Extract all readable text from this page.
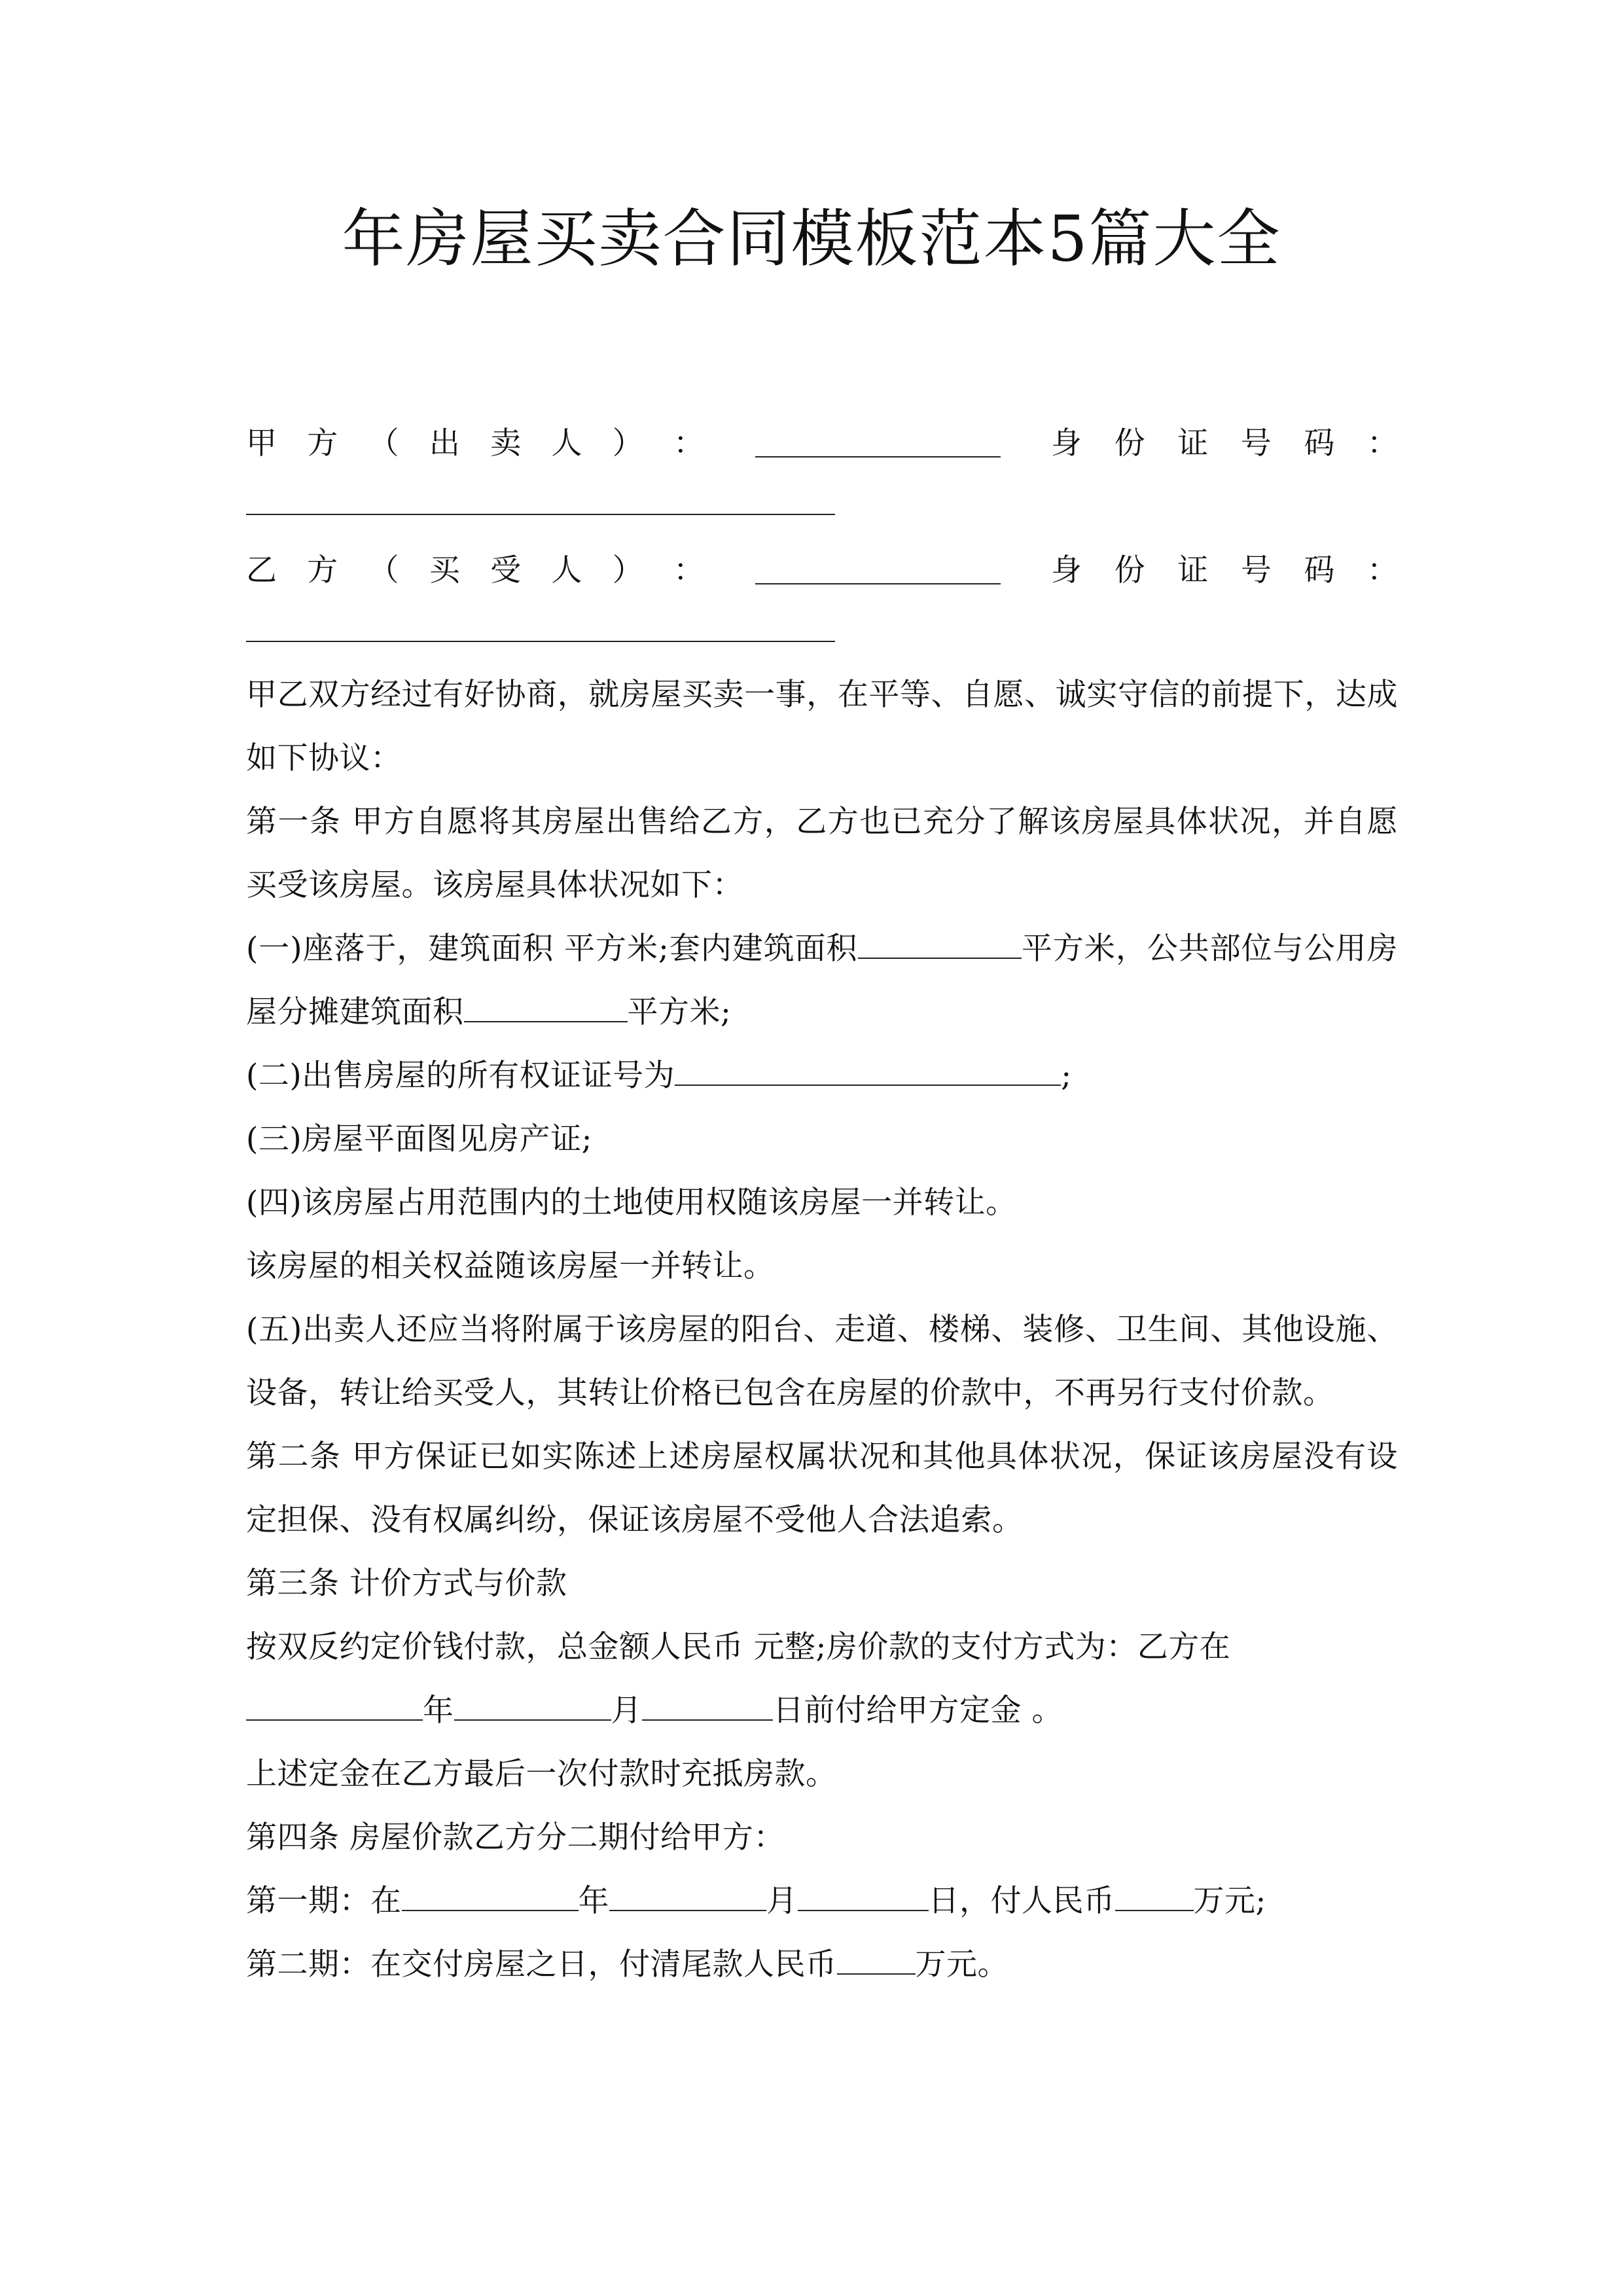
年房屋买卖合同模板范本5篇大全
甲 方 （ 出 卖 人 ） ：	身 份 证 号 码 ：
乙 方 （ 买 受 人 ） ：	身 份 证 号 码 ：

甲乙双方经过有好协商，就房屋买卖一事，在平等、自愿、诚实守信的前提下，达成如下协议：

第一条 甲方自愿将其房屋出售给乙方，乙方也已充分了解该房屋具体状况，并自愿买受该房屋。该房屋具体状况如下：

(一)座落于，建筑面积 平方米;套内建筑面积	平方米，公共部位与公用房屋分摊建筑面积	平方米;

(二)出售房屋的所有权证证号为	;

(三)房屋平面图见房产证;

(四)该房屋占用范围内的土地使用权随该房屋一并转让。

该房屋的相关权益随该房屋一并转让。

(五)出卖人还应当将附属于该房屋的阳台、走道、楼梯、装修、卫生间、其他设施、设备，转让给买受人，其转让价格已包含在房屋的价款中，不再另行支付价款。

第二条 甲方保证已如实陈述上述房屋权属状况和其他具体状况，保证该房屋没有设定担保、没有权属纠纷，保证该房屋不受他人合法追索。

第三条 计价方式与价款

按双反约定价钱付款，总金额人民币 元整;房价款的支付方式为：乙方在
年	月	日前付给甲方定金 。

上述定金在乙方最后一次付款时充抵房款。

第四条 房屋价款乙方分二期付给甲方：

第一期：在	年	月	日，付人民币	万元;

第二期：在交付房屋之日，付清尾款人民币	万元。
